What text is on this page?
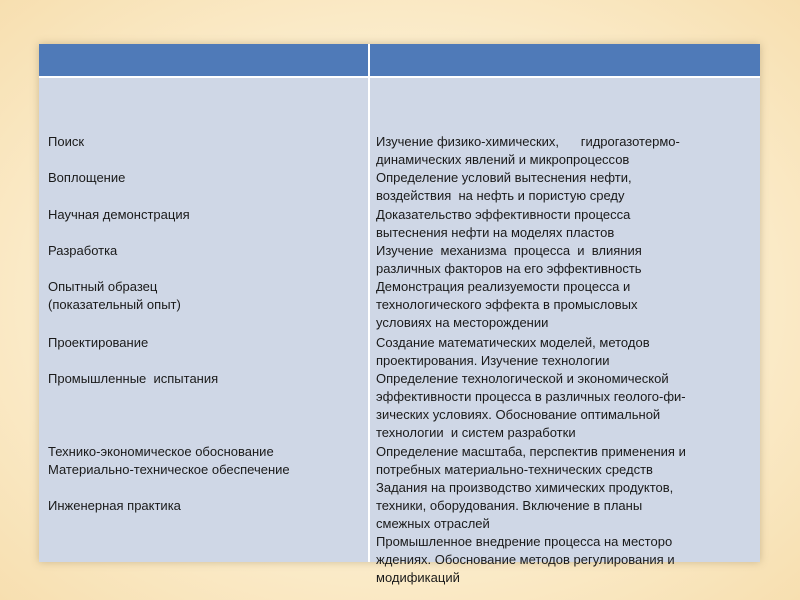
Поиск
Воплощение
Научная демонстрация
Разработка
Опытный образец
(показательный опыт)
Проектирование
Промышленные  испытания
Технико-экономическое обоснование
Материально-техническое обеспечение
Инженерная практика
Изучение физико-химических,      гидрогазотермо-
динамических явлений и микропроцессов
Определение условий вытеснения нефти,
воздействия  на нефть и пористую среду
Доказательство эффективности процесса
вытеснения нефти на моделях пластов
Изучение  механизма  процесса  и  влияния
различных факторов на его эффективность
Демонстрация реализуемости процесса и
технологического эффекта в промысловых
условиях на месторождении
Создание математических моделей, методов
проектирования. Изучение технологии
Определение технологической и экономической
эффективности процесса в различных геолого-фи-
зических условиях. Обоснование оптимальной
технологии  и систем разработки
Определение масштаба, перспектив применения и
потребных материально-технических средств
Задания на производство химических продуктов,
техники, оборудования. Включение в планы
смежных отраслей
Промышленное внедрение процесса на месторо
ждениях. Обоснование методов регулирования и
модификаций
